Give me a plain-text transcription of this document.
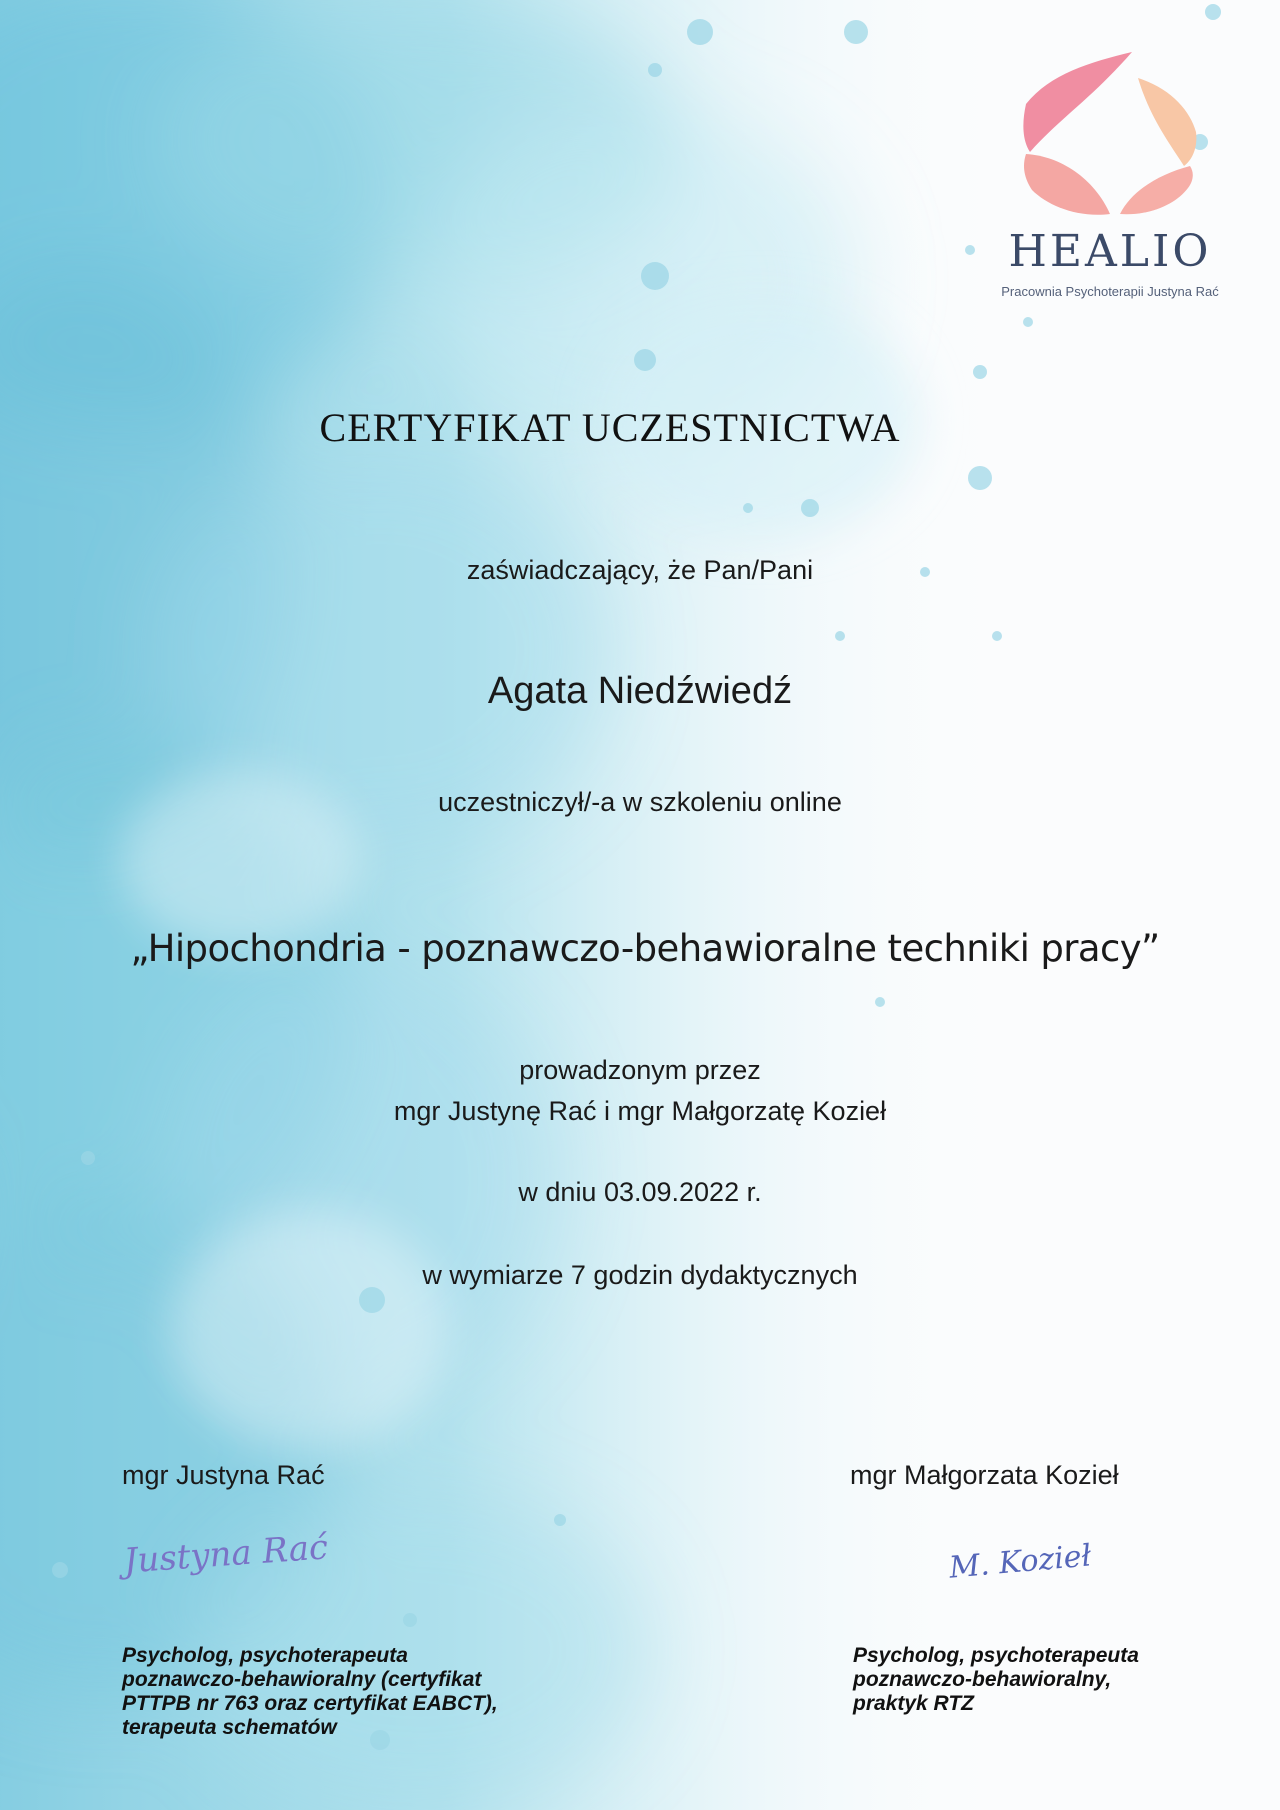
HEALIO
Pracownia Psychoterapii Justyna Rać
CERTYFIKAT UCZESTNICTWA
zaświadczający, że Pan/Pani
Agata Niedźwiedź
uczestniczył/-a w szkoleniu online
„Hipochondria - poznawczo-behawioralne techniki pracy”
prowadzonym przez
mgr Justynę Rać i mgr Małgorzatę Kozieł
w dniu 03.09.2022 r.
w wymiarze 7 godzin dydaktycznych
mgr Justyna Rać
Justyna Rać
Psycholog, psychoterapeuta
poznawczo-behawioralny (certyfikat
PTTPB nr 763 oraz certyfikat EABCT),
terapeuta schematów
mgr Małgorzata Kozieł
M. Kozieł
Psycholog, psychoterapeuta
poznawczo-behawioralny,
praktyk RTZ
